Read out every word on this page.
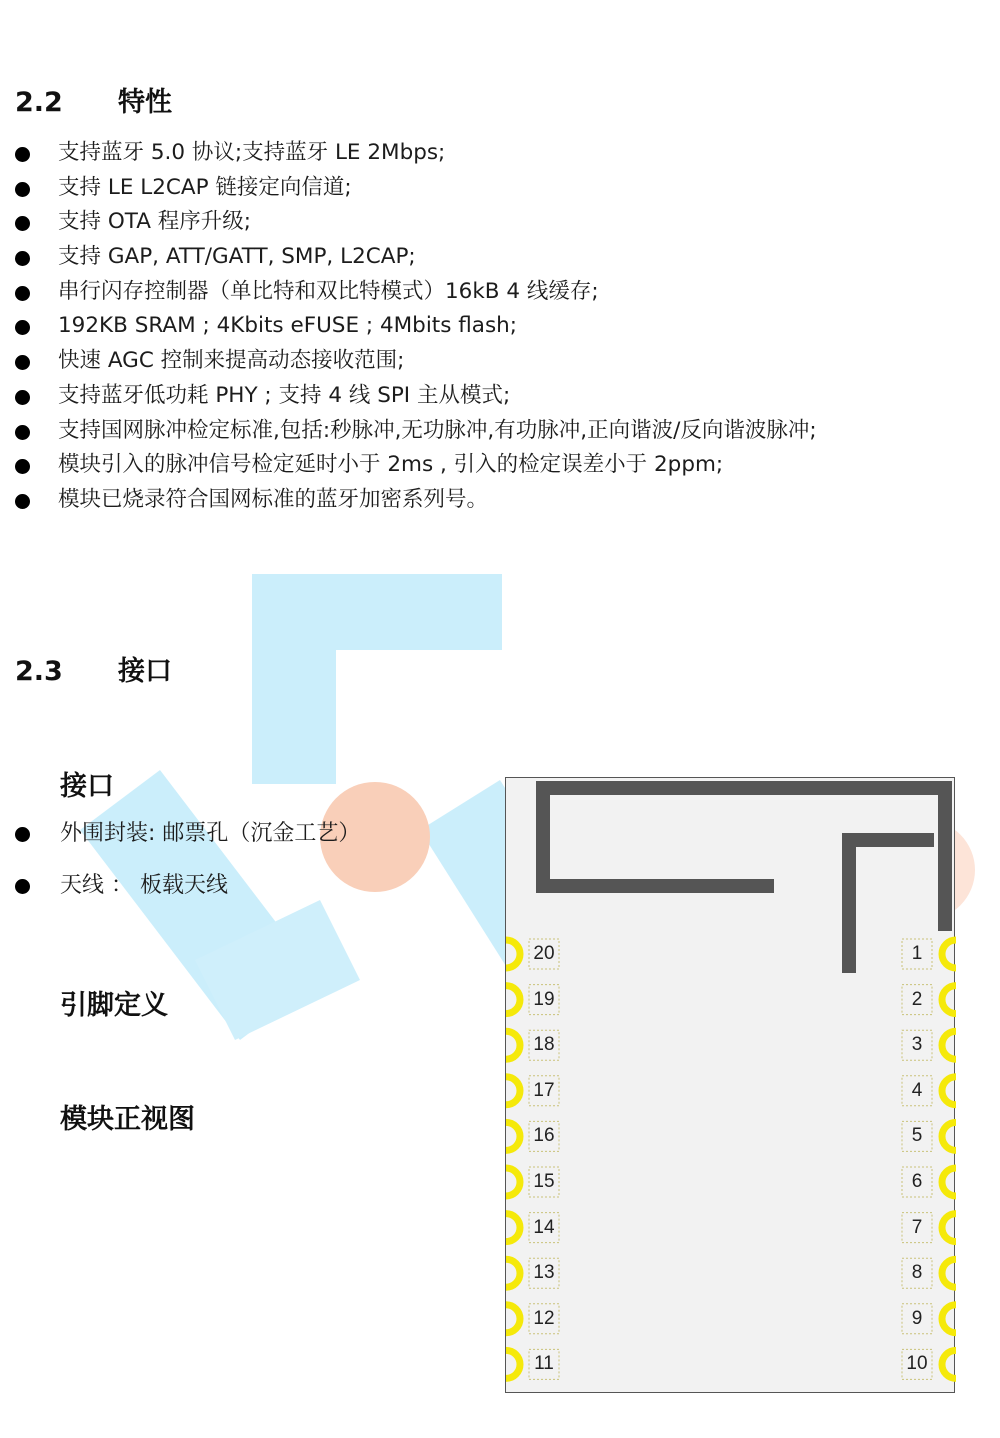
2.2 特性
支持蓝牙 5.0 协议;支持蓝牙 LE 2Mbps;
支持 LE L2CAP 链接定向信道;
支持 OTA 程序升级;
支持 GAP, ATT/GATT, SMP, L2CAP;
串行闪存控制器（单比特和双比特模式）16kB 4 线缓存;
192KB SRAM ; 4Kbits eFUSE ; 4Mbits flash;
快速 AGC 控制来提高动态接收范围;
支持蓝牙低功耗 PHY ; 支持 4 线 SPI 主从模式;
支持国网脉冲检定标准,包括:秒脉冲,无功脉冲,有功脉冲,正向谐波/反向谐波脉冲;
模块引入的脉冲信号检定延时小于 2ms , 引入的检定误差小于 2ppm;
模块已烧录符合国网标准的蓝牙加密系列号。
2.3 接口
接口
外围封装: 邮票孔（沉金工艺）
天线 ： 板载天线
引脚定义
模块正视图
20
19
18
17
16
15
14
13
12
11
1
2
3
4
5
6
7
8
9
10
